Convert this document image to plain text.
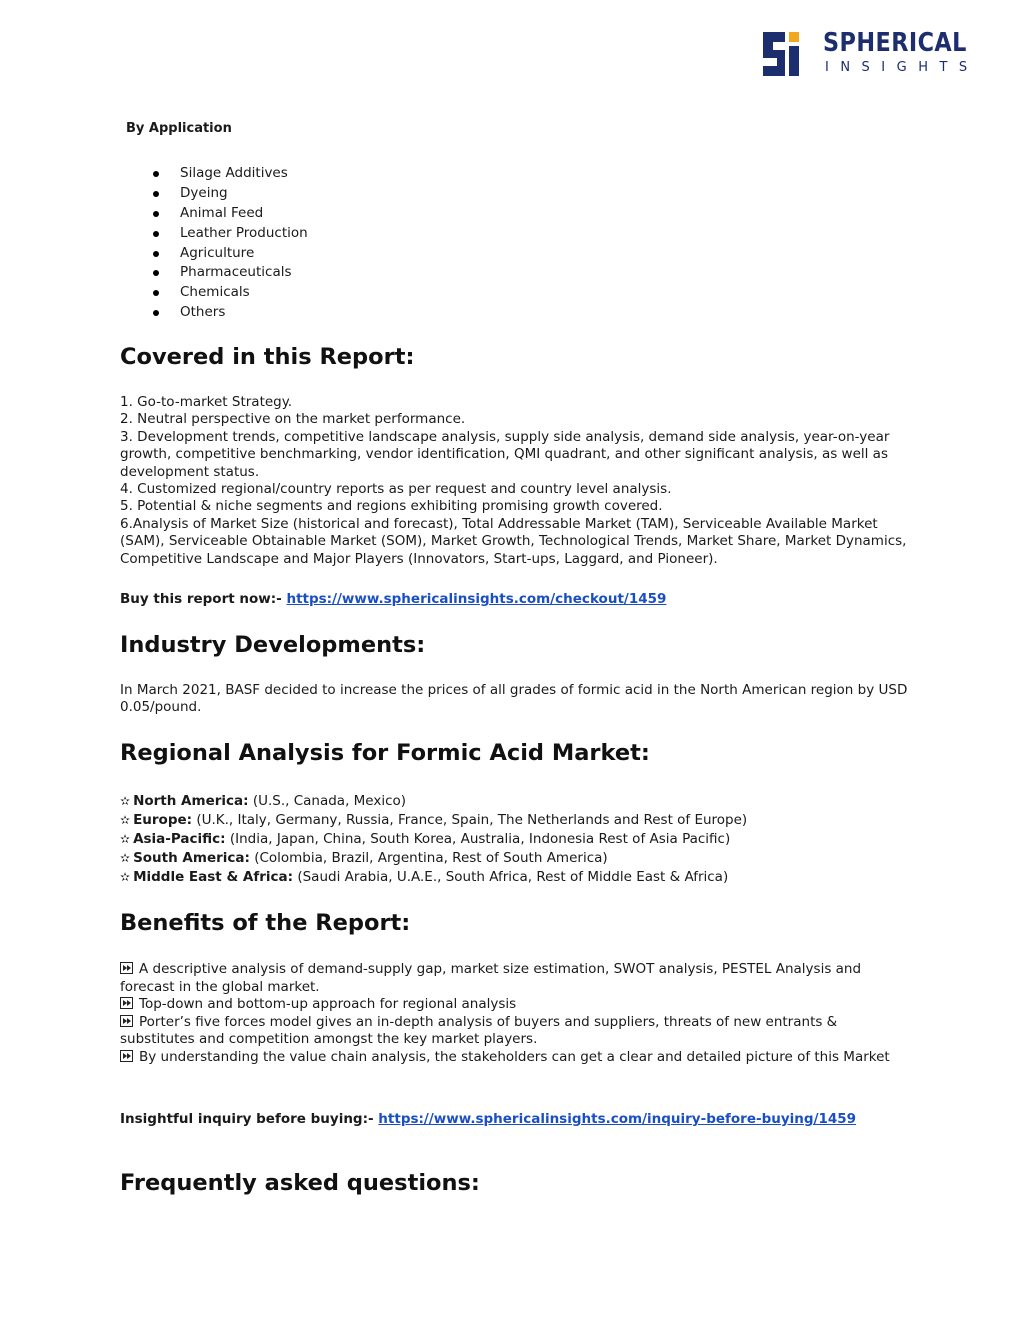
SPHERICAL
INSIGHTS
By Application
Silage Additives
Dyeing
Animal Feed
Leather Production
Agriculture
Pharmaceuticals
Chemicals
Others
Covered in this Report:

1. Go-to-market Strategy.

2. Neutral perspective on the market performance.

3. Development trends, competitive landscape analysis, supply side analysis, demand side analysis, year-on-year growth, competitive benchmarking, vendor identification, QMI quadrant, and other significant analysis, as well as development status.

4. Customized regional/country reports as per request and country level analysis.

5. Potential & niche segments and regions exhibiting promising growth covered.

6.Analysis of Market Size (historical and forecast), Total Addressable Market (TAM), Serviceable Available Market (SAM), Serviceable Obtainable Market (SOM), Market Growth, Technological Trends, Market Share, Market Dynamics, Competitive Landscape and Major Players (Innovators, Start-ups, Laggard, and Pioneer).

Buy this report now:- https://www.sphericalinsights.com/checkout/1459
Industry Developments:
In March 2021, BASF decided to increase the prices of all grades of formic acid in the North American region by USD 0.05/pound.
Regional Analysis for Formic Acid Market:

✫ North America: (U.S., Canada, Mexico)

✫ Europe: (U.K., Italy, Germany, Russia, France, Spain, The Netherlands and Rest of Europe)

✫ Asia-Pacific: (India, Japan, China, South Korea, Australia, Indonesia Rest of Asia Pacific)

✫ South America: (Colombia, Brazil, Argentina, Rest of South America)

✫ Middle East & Africa: (Saudi Arabia, U.A.E., South Africa, Rest of Middle East & Africa)

Benefits of the Report:

A descriptive analysis of demand-supply gap, market size estimation, SWOT analysis, PESTEL Analysis and forecast in the global market.

Top-down and bottom-up approach for regional analysis

Porter’s five forces model gives an in-depth analysis of buyers and suppliers, threats of new entrants & substitutes and competition amongst the key market players.

By understanding the value chain analysis, the stakeholders can get a clear and detailed picture of this Market

Insightful inquiry before buying:- https://www.sphericalinsights.com/inquiry-before-buying/1459
Frequently asked questions:
